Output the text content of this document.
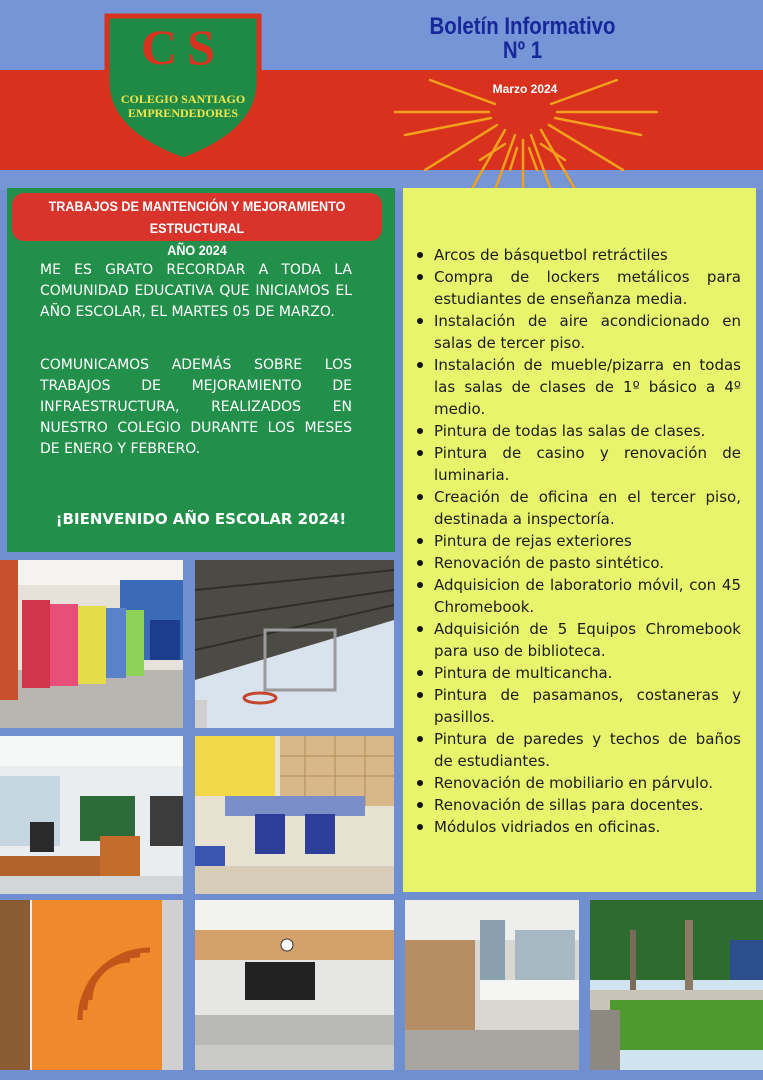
CS
COLEGIO SANTIAGO
EMPRENDEDORES
Boletín Informativo
Nº 1
Marzo 2024
TRABAJOS DE MANTENCIÓN Y MEJORAMIENTO ESTRUCTURAL
AÑO 2024
ME ES GRATO RECORDAR A TODA LA COMUNIDAD EDUCATIVA QUE INICIAMOS EL AÑO ESCOLAR, EL MARTES 05 DE MARZO.
COMUNICAMOS ADEMÁS SOBRE LOS TRABAJOS DE MEJORAMIENTO DE INFRAESTRUCTURA, REALIZADOS EN NUESTRO COLEGIO DURANTE LOS MESES DE ENERO Y FEBRERO.
¡BIENVENIDO AÑO ESCOLAR 2024!
Arcos de básquetbol retráctiles
Compra de lockers metálicos para estudiantes de enseñanza media.
Instalación de aire acondicionado en salas de tercer piso.
Instalación de mueble/pizarra en todas las salas de clases de 1º básico a 4º medio.
Pintura de todas las salas de clases.
Pintura de casino y renovación de luminaria.
Creación de oficina en el tercer piso, destinada a inspectoría.
Pintura de rejas exteriores
Renovación de pasto sintético.
Adquisicion de laboratorio móvil, con 45 Chromebook.
Adquisición de 5 Equipos Chromebook para uso de biblioteca.
Pintura de multicancha.
Pintura de pasamanos, costaneras y pasillos.
Pintura de paredes y techos de baños de estudiantes.
Renovación de mobiliario en párvulo.
Renovación de sillas para docentes.
Módulos vidriados en oficinas.
